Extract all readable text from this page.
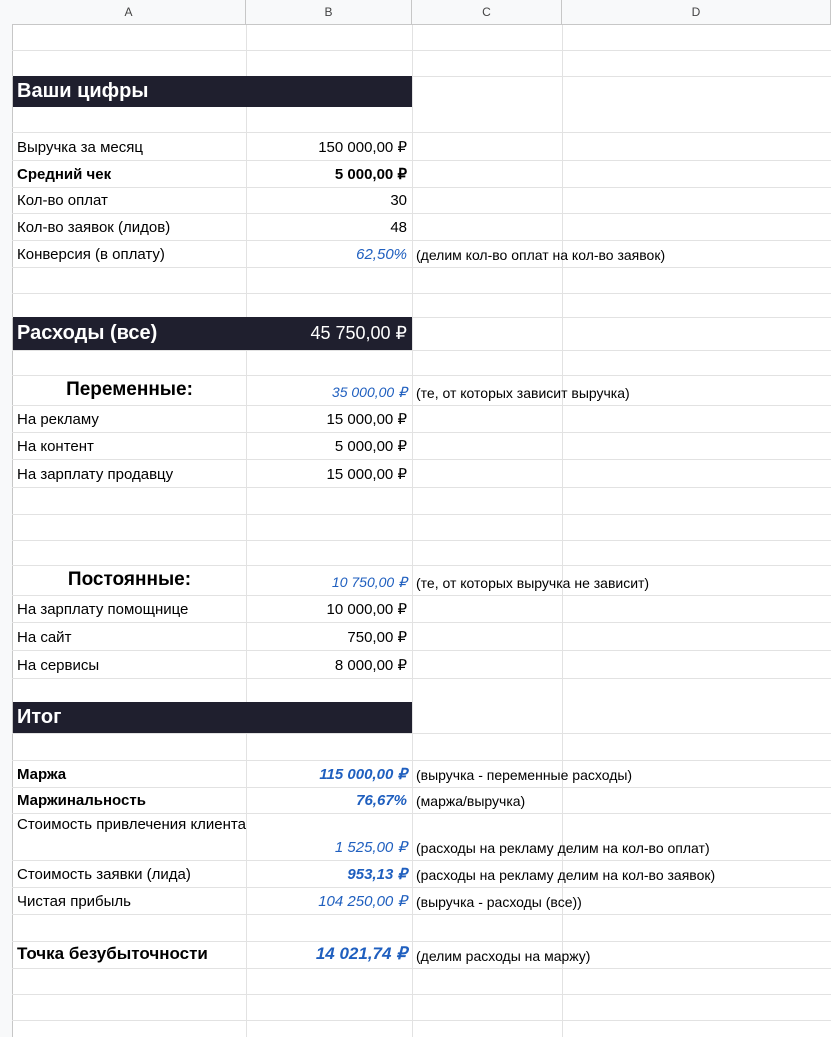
A	B	C	D
Ваши цифры
Выручка за месяц	150 000,00 ₽
Средний чек	5 000,00 ₽
Кол-во оплат	30
Кол-во заявок (лидов)	48
Конверсия (в оплату)	62,50% (делим кол-во оплат на кол-во заявок)
Расходы (все)	45 750,00 ₽
Переменные:	35 000,00 ₽ (те, от которых зависит выручка)
На рекламу	15 000,00 ₽
На контент	5 000,00 ₽
На зарплату продавцу	15 000,00 ₽
Постоянные:	10 750,00 ₽ (те, от которых выручка не зависит)
На зарплату помощнице	10 000,00 ₽
На сайт	750,00 ₽
На сервисы	8 000,00 ₽
Итог
Маржа	115 000,00 ₽ (выручка - переменные расходы)
Маржинальность	76,67% (маржа/выручка)
Стоимость привлечения клиента
1 525,00 ₽ (расходы на рекламу делим на кол-во оплат)
Стоимость заявки (лида)	953,13 ₽ (расходы на рекламу делим на кол-во заявок)
Чистая прибыль	104 250,00 ₽ (выручка - расходы (все))
Точка безубыточности	14 021,74 ₽ (делим расходы на маржу)
